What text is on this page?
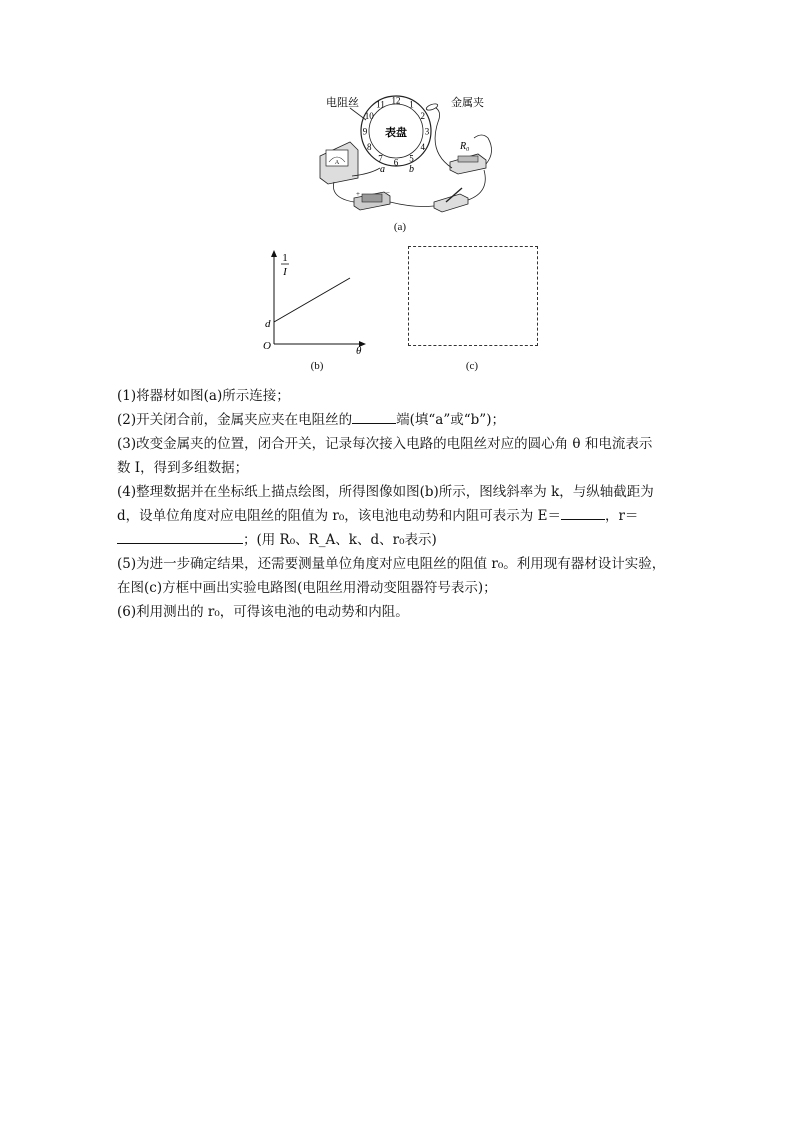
表盘
12 1
2
3
4
5
6
7
8
9
10
11
电阻丝	金属夹
a b
A
$R_0$
+	−
(a)
1
I
d
O	θ
(b)	(c)
(1)将器材如图(a)所示连接；
(2)开关闭合前，金属夹应夹在电阻丝的	端(填“a”或“b”)；
(3)改变金属夹的位置，闭合开关，记录每次接入电路的电阻丝对应的圆心角 θ 和电流表示
数 I，得到多组数据；
(4)整理数据并在坐标纸上描点绘图，所得图像如图(b)所示，图线斜率为 k，与纵轴截距为
d，设单位角度对应电阻丝的阻值为 r₀，该电池电动势和内阻可表示为 E＝	，r＝
；(用 R₀、R_A、k、d、r₀表示)
(5)为进一步确定结果，还需要测量单位角度对应电阻丝的阻值 r₀。利用现有器材设计实验，
在图(c)方框中画出实验电路图(电阻丝用滑动变阻器符号表示)；
(6)利用测出的 r₀，可得该电池的电动势和内阻。
